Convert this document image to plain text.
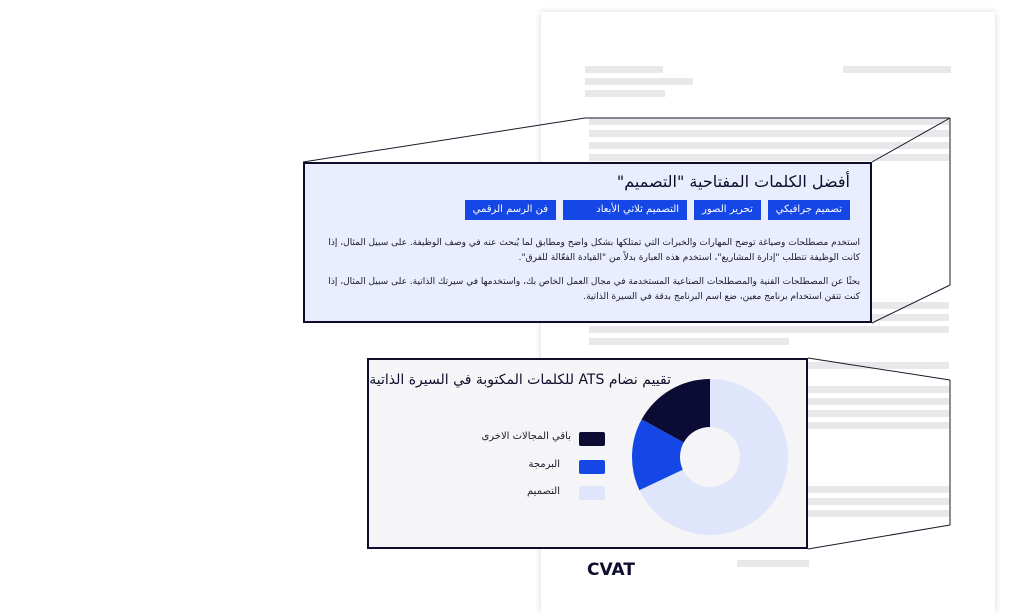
أفضل الكلمات المفتاحية "التصميم"
تصميم جرافيكي
تحرير الصور
التصميم ثلاثي الأبعاد
فن الرسم الرقمي
استخدم مصطلحات وصياغة توضح المهارات والخبرات التي تمتلكها بشكل واضح ومطابق لما يُبحث عنه في وصف الوظيفة. على سبيل المثال، إذا كانت الوظيفة تتطلب "إدارة المشاريع"، استخدم هذه العبارة بدلاً من "القيادة الفعّالة للفرق".
بحثًا عن المصطلحات الفنية والمصطلحات الصناعية المستخدمة في مجال العمل الخاص بك، واستخدمها في سيرتك الذاتية. على سبيل المثال، إذا كنت تتقن استخدام برنامج معين، ضع اسم البرنامج بدقة في السيرة الذاتية.
تقييم نضام ATS للكلمات المكتوبة في السيرة الذاتية
باقي المجالات الاخرى
البرمجة
التصميم
CVAT
